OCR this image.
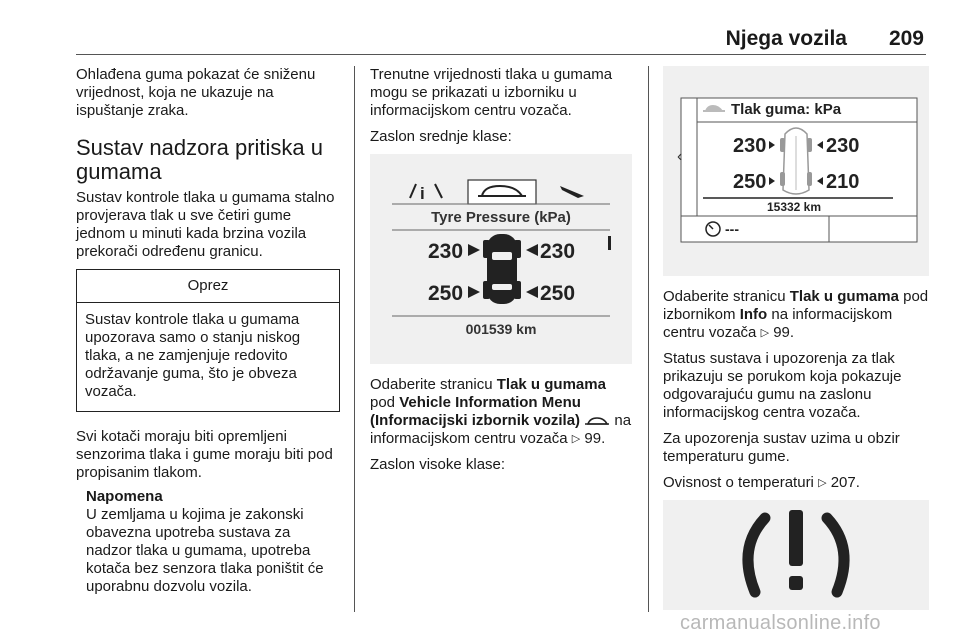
Njega vozila 209

Ohlađena guma pokazat će sniženu vrijednost, koja ne ukazuje na ispuštanje zraka.

Sustav nadzora pritiska u gumama

Sustav kontrole tlaka u gumama stalno provjerava tlak u sve četiri gume jednom u minuti kada brzina vozila prekorači određenu granicu.

Oprez
Sustav kontrole tlaka u gumama upozorava samo o stanju niskog tlaka, a ne zamjenjuje redovito održavanje guma, što je obveza vozača.

Svi kotači moraju biti opremljeni senzorima tlaka i gume moraju biti pod propisanim tlakom.

Napomena
U zemljama u kojima je zakonski obavezna upotreba sustava za nadzor tlaka u gumama, upotreba kotača bez senzora tlaka poništit će uporabnu dozvolu vozila.

Trenutne vrijednosti tlaka u gumama mogu se prikazati u izborniku u informacijskom centru vozača.

Zaslon srednje klase:

i
Tyre Pressure (kPa)
230	230
250	250
001539 km

Odaberite stranicu Tlak u gumama pod Vehicle Information Menu (Informacijski izbornik vozila)  na informacijskom centru vozača ▷ 99.

Zaslon visoke klase:

‹
Tlak guma: kPa
230	230
250	210
15332 km
---

Odaberite stranicu Tlak u gumama pod izbornikom Info na informacijskom centru vozača ▷ 99.

Status sustava i upozorenja za tlak prikazuju se porukom koja pokazuje odgovarajuću gumu na zaslonu informacijskog centra vozača.

Za upozorenja sustav uzima u obzir temperaturu gume.

Ovisnost o temperaturi ▷ 207.

carmanualsonline.info
